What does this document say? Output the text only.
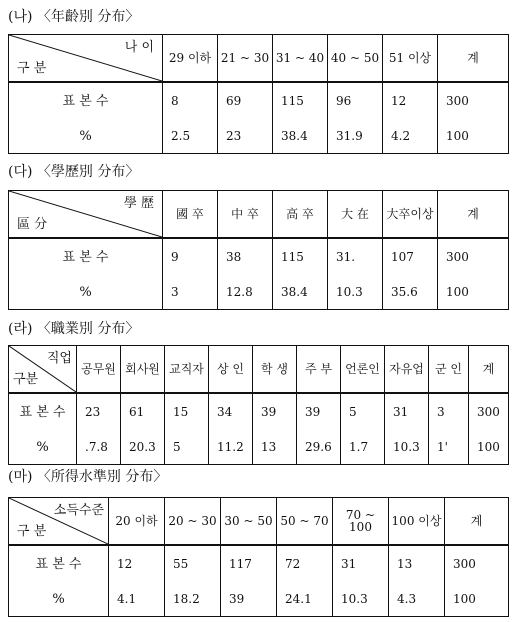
(나) 〈年齡別 分布〉
나 이
구 분	29 이하	21 ~ 30	31 ~ 40	40 ~ 50	51 이상	계
표 본 수	8	69	115	96	12	300
%	2.5	23	38.4	31.9	4.2	100
(다) 〈學歷別 分布〉
學 歷
區 分	國 卒	中 卒	高 卒	大 在	大卒이상	계
표 본 수	9	38	115	31.	107	300
%	3	12.8	38.4	10.3	35.6	100
(라) 〈職業別 分布〉
직업
구분	공무원	회사원	교직자	상 인	학 생	주 부	언론인	자유업	군 인	계
표 본 수	23	61	15	34	39	39	5	31	3	300
%	.7.8	20.3	5	11.2	13	29.6	1.7	10.3	1'	100
(마) 〈所得水準別 分布〉
소득수준
구 분	20 이하	20 ~ 30	30 ~ 50	50 ~ 70	70 ~ 100	100 이상	계
표 본 수	12	55	117	72	31	13	300
%	4.1	18.2	39	24.1	10.3	4.3	100
